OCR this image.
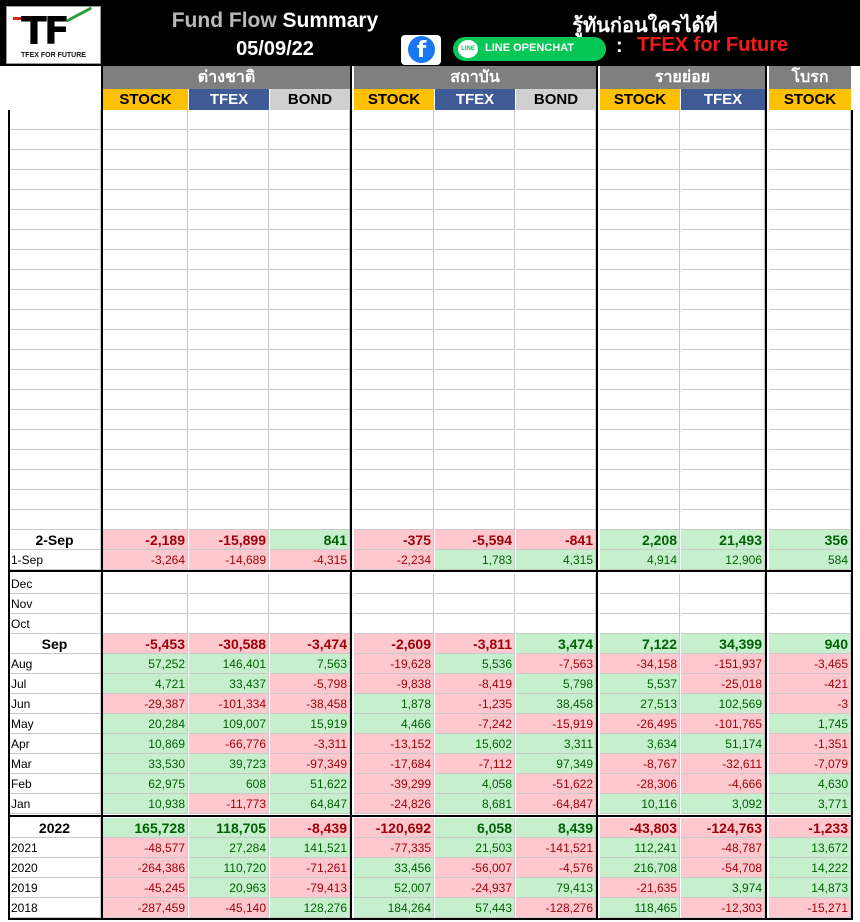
TF
TFEX FOR FUTURE
Fund Flow Summary
05/09/22
รู้ทันก่อนใครได้ที่
f	LINE LINE OPENCHAT : TFEX for Future
ต่างชาติ	สถาบัน	รายย่อย	โบรก
STOCK	TFEX	BOND	STOCK	TFEX	BOND	STOCK	TFEX	STOCK
2-Sep	-2,189	-15,899	841	-375	-5,594	-841	2,208	21,493	356
1-Sep	-3,264	-14,689	-4,315	-2,234	1,783	4,315	4,914	12,906	584
Dec
Nov
Oct
Sep	-5,453	-30,588	-3,474	-2,609	-3,811	3,474	7,122	34,399	940
Aug	57,252	146,401	7,563	-19,628	5,536	-7,563	-34,158	-151,937	-3,465
Jul	4,721	33,437	-5,798	-9,838	-8,419	5,798	5,537	-25,018	-421
Jun	-29,387	-101,334	-38,458	1,878	-1,235	38,458	27,513	102,569	-3
May	20,284	109,007	15,919	4,466	-7,242	-15,919	-26,495	-101,765	1,745
Apr	10,869	-66,776	-3,311	-13,152	15,602	3,311	3,634	51,174	-1,351
Mar	33,530	39,723	-97,349	-17,684	-7,112	97,349	-8,767	-32,611	-7,079
Feb	62,975	608	51,622	-39,299	4,058	-51,622	-28,306	-4,666	4,630
Jan	10,938	-11,773	64,847	-24,826	8,681	-64,847	10,116	3,092	3,771
2022	165,728	118,705	-8,439	-120,692	6,058	8,439	-43,803	-124,763	-1,233
2021	-48,577	27,284	141,521	-77,335	21,503	-141,521	112,241	-48,787	13,672
2020	-264,386	110,720	-71,261	33,456	-56,007	-4,576	216,708	-54,708	14,222
2019	-45,245	20,963	-79,413	52,007	-24,937	79,413	-21,635	3,974	14,873
2018	-287,459	-45,140	128,276	184,264	57,443	-128,276	118,465	-12,303	-15,271
